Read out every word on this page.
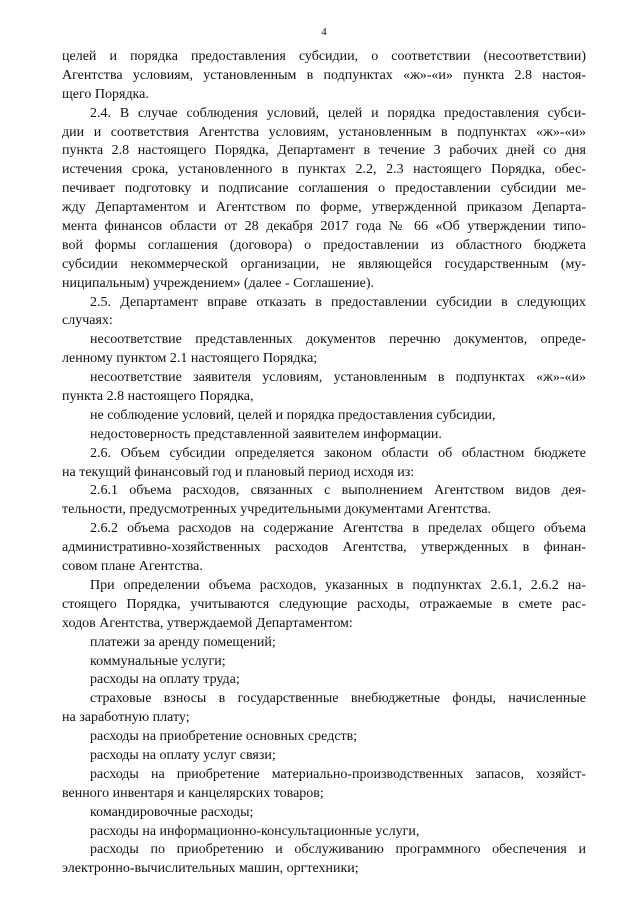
4
целей и порядка предоставления субсидии, о соответствии (несоответствии)
Агентства условиям, установленным в подпунктах «ж»-«и» пункта 2.8 настоя-
щего Порядка.
2.4. В случае соблюдения условий, целей и порядка предоставления субси-
дии и соответствия Агентства условиям, установленным в подпунктах «ж»-«и»
пункта 2.8 настоящего Порядка, Департамент в течение 3 рабочих дней со дня
истечения срока, установленного в пунктах 2.2, 2.3 настоящего Порядка, обес-
печивает подготовку и подписание соглашения о предоставлении субсидии ме-
жду Департаментом и Агентством по форме, утвержденной приказом Департа-
мента финансов области от 28 декабря 2017 года № 66 «Об утверждении типо-
вой формы соглашения (договора) о предоставлении из областного бюджета
субсидии некоммерческой организации, не являющейся государственным (му-
ниципальным) учреждением» (далее - Соглашение).
2.5. Департамент вправе отказать в предоставлении субсидии в следующих
случаях:
несоответствие представленных документов перечню документов, опреде-
ленному пунктом 2.1 настоящего Порядка;
несоответствие заявителя условиям, установленным в подпунктах «ж»-«и»
пункта 2.8 настоящего Порядка,
не соблюдение условий, целей и порядка предоставления субсидии,
недостоверность представленной заявителем информации.
2.6. Объем субсидии определяется законом области об областном бюджете
на текущий финансовый год и плановый период исходя из:
2.6.1 объема расходов, связанных с выполнением Агентством видов дея-
тельности, предусмотренных учредительными документами Агентства.
2.6.2 объема расходов на содержание Агентства в пределах общего объема
административно-хозяйственных расходов Агентства, утвержденных в финан-
совом плане Агентства.
При определении объема расходов, указанных в подпунктах 2.6.1, 2.6.2 на-
стоящего Порядка, учитываются следующие расходы, отражаемые в смете рас-
ходов Агентства, утверждаемой Департаментом:
платежи за аренду помещений;
коммунальные услуги;
расходы на оплату труда;
страховые взносы в государственные внебюджетные фонды, начисленные
на заработную плату;
расходы на приобретение основных средств;
расходы на оплату услуг связи;
расходы на приобретение материально-производственных запасов, хозяйст-
венного инвентаря и канцелярских товаров;
командировочные расходы;
расходы на информационно-консультационные услуги,
расходы по приобретению и обслуживанию программного обеспечения и
электронно-вычислительных машин, оргтехники;
